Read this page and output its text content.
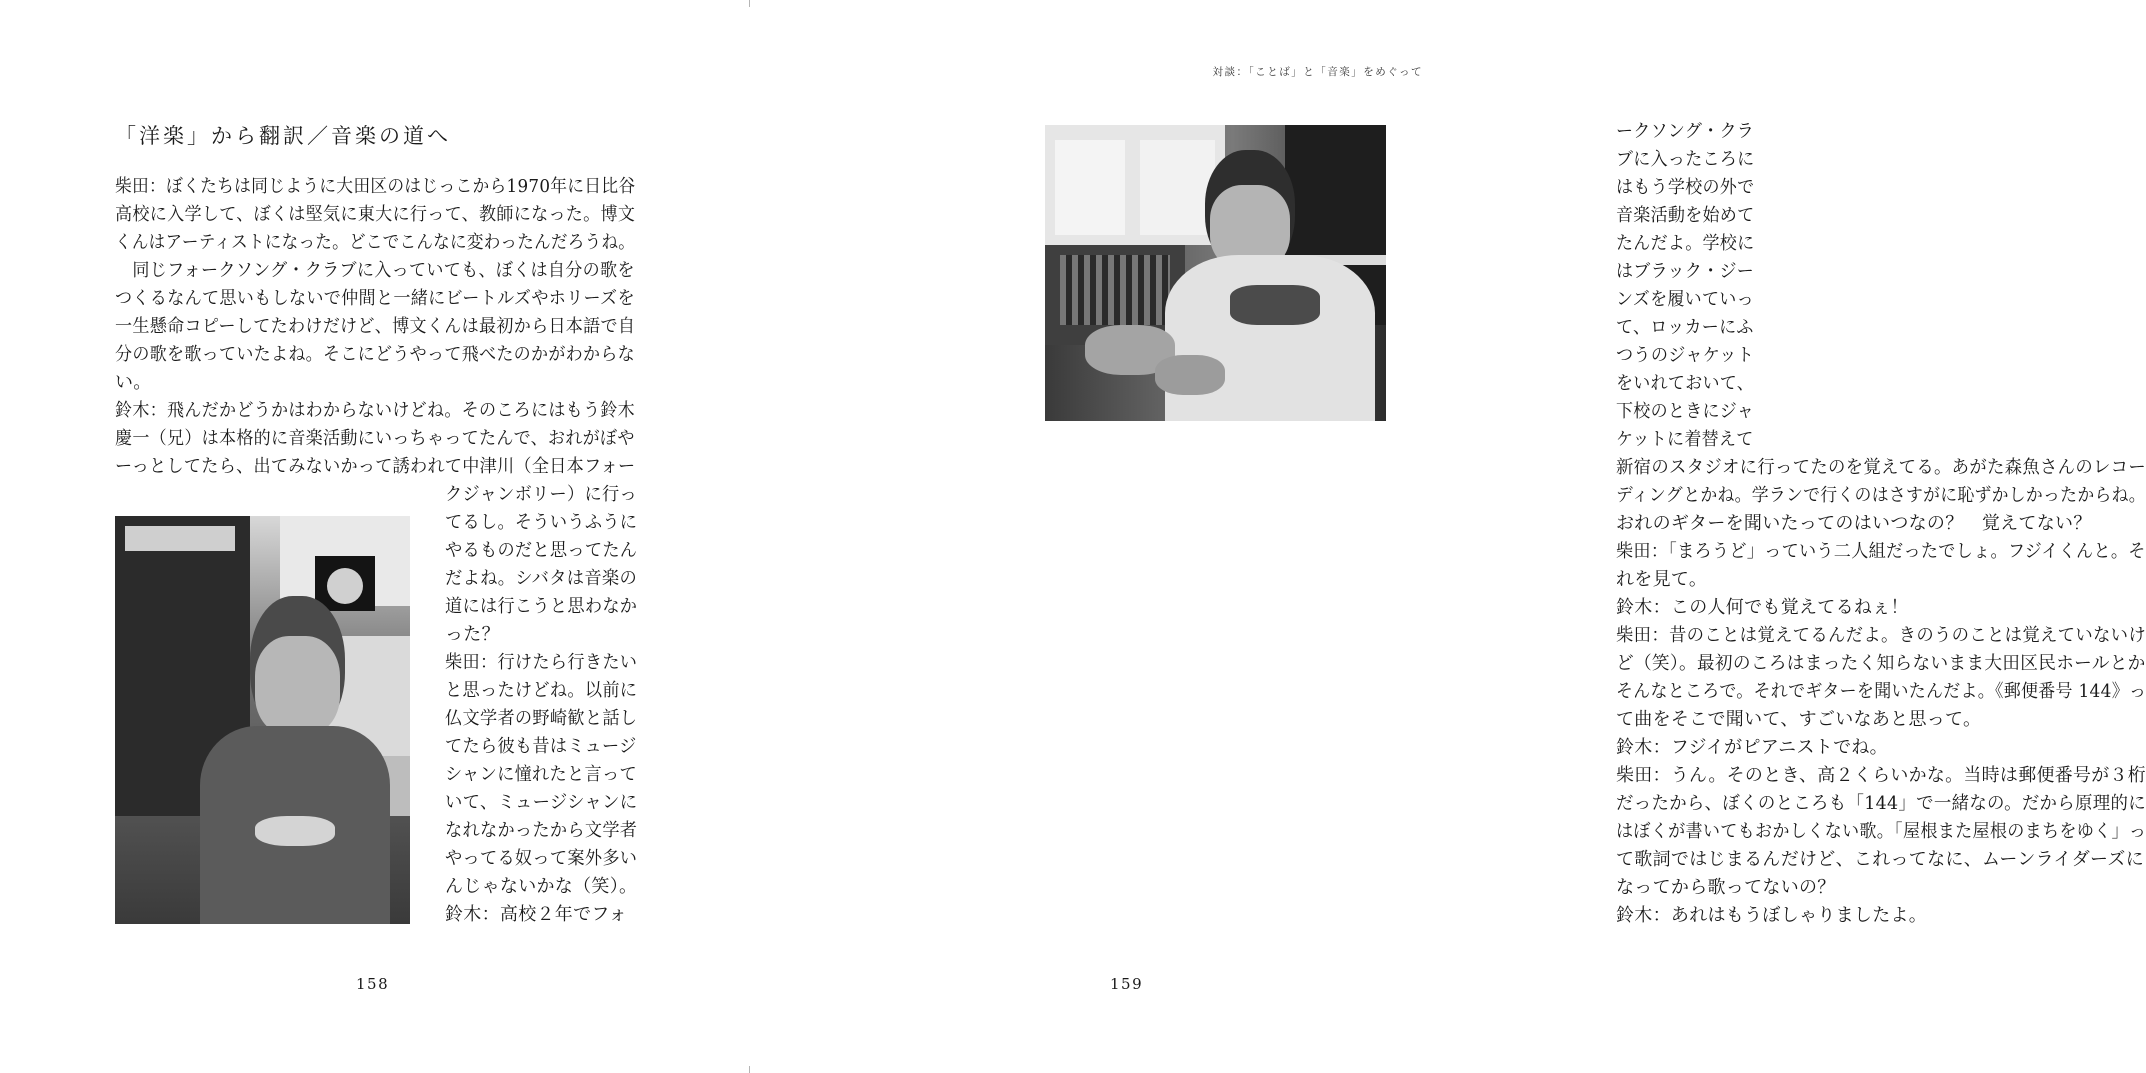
「洋楽」から翻訳／音楽の道へ
柴田：ぼくたちは同じように大田区のはじっこから1970年に日比谷
高校に入学して、ぼくは堅気に東大に行って、教師になった。博文
くんはアーティストになった。どこでこんなに変わったんだろうね。
　同じフォークソング・クラブに入っていても、ぼくは自分の歌を
つくるなんて思いもしないで仲間と一緒にビートルズやホリーズを
一生懸命コピーしてたわけだけど、博文くんは最初から日本語で自
分の歌を歌っていたよね。そこにどうやって飛べたのかがわからな
い。
鈴木：飛んだかどうかはわからないけどね。そのころにはもう鈴木
慶一（兄）は本格的に音楽活動にいっちゃってたんで、おれがぼや
ーっとしてたら、出てみないかって誘われて中津川（全日本フォー
クジャンボリー）に行っ
てるし。そういうふうに
やるものだと思ってたん
だよね。シバタは音楽の
道には行こうと思わなか
った？
柴田：行けたら行きたい
と思ったけどね。以前に
仏文学者の野崎歓と話し
てたら彼も昔はミュージ
シャンに憧れたと言って
いて、ミュージシャンに
なれなかったから文学者
やってる奴って案外多い
んじゃないかな（笑）。
鈴木：高校２年でフォ
158
対談：「ことば」と「音楽」をめぐって
ークソング・クラ
ブに入ったころに
はもう学校の外で
音楽活動を始めて
たんだよ。学校に
はブラック・ジー
ンズを履いていっ
て、ロッカーにふ
つうのジャケット
をいれておいて、
下校のときにジャ
ケットに着替えて
新宿のスタジオに行ってたのを覚えてる。あがた森魚さんのレコー
ディングとかね。学ランで行くのはさすがに恥ずかしかったからね。
おれのギターを聞いたってのはいつなの？　覚えてない？
柴田：「まろうど」っていう二人組だったでしょ。フジイくんと。そ
れを見て。
鈴木：この人何でも覚えてるねぇ！
柴田：昔のことは覚えてるんだよ。きのうのことは覚えていないけ
ど（笑）。最初のころはまったく知らないまま大田区民ホールとか
そんなところで。それでギターを聞いたんだよ。《郵便番号 144》っ
て曲をそこで聞いて、すごいなあと思って。
鈴木：フジイがピアニストでね。
柴田：うん。そのとき、高２くらいかな。当時は郵便番号が３桁
だったから、ぼくのところも「144」で一緒なの。だから原理的に
はぼくが書いてもおかしくない歌。「屋根また屋根のまちをゆく」っ
て歌詞ではじまるんだけど、これってなに、ムーンライダーズに
なってから歌ってないの？
鈴木：あれはもうぼしゃりましたよ。
159
